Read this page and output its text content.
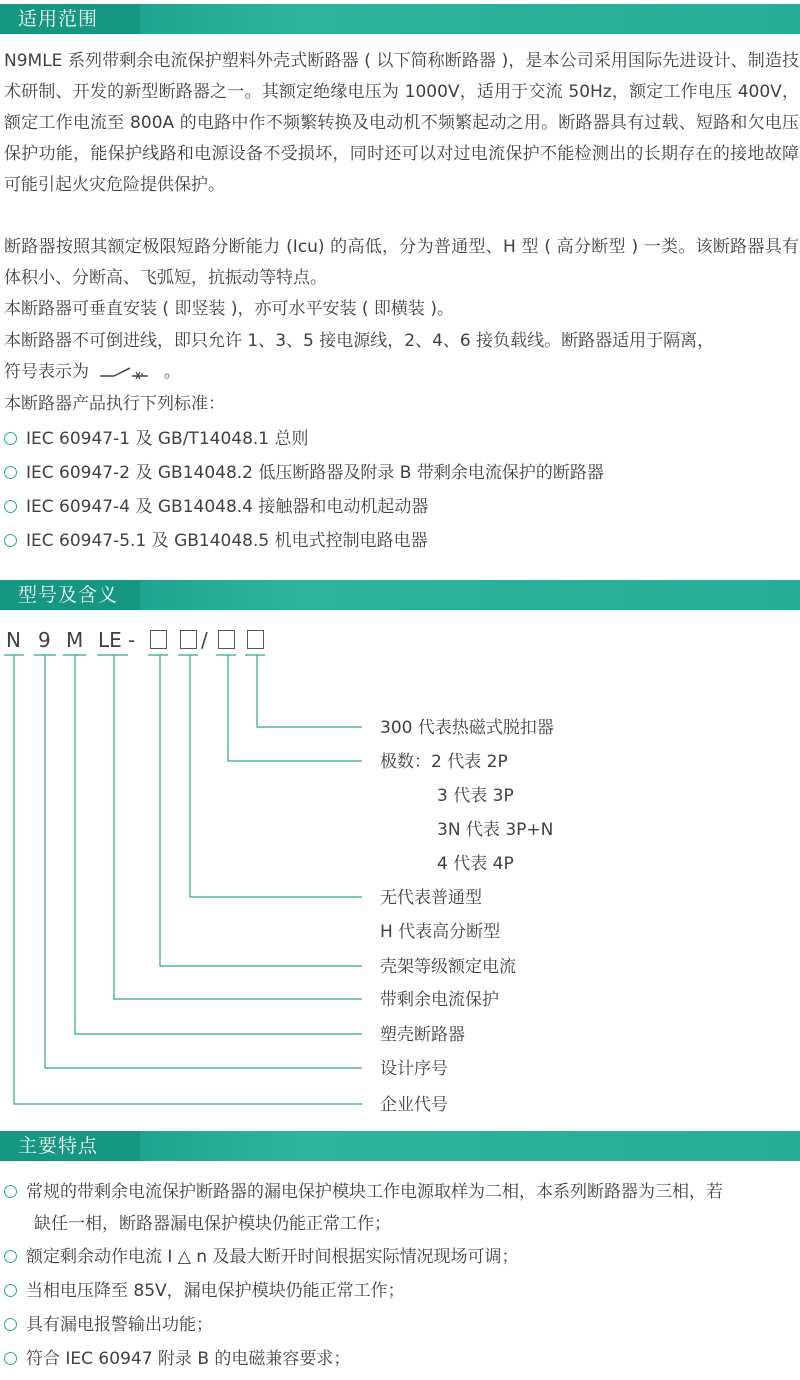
适用范围
N9MLE 系列带剩余电流保护塑料外壳式断路器 ( 以下简称断路器 )，是本公司采用国际先进设计、制造技术研制、开发的新型断路器之一。其额定绝缘电压为 1000V，适用于交流 50Hz，额定工作电压 400V，额定工作电流至 800A 的电路中作不频繁转换及电动机不频繁起动之用。断路器具有过载、短路和欠电压保护功能，能保护线路和电源设备不受损坏，同时还可以对过电流保护不能检测出的长期存在的接地故障可能引起火灾危险提供保护。
断路器按照其额定极限短路分断能力 (Icu) 的高低，分为普通型、H 型 ( 高分断型 ) 一类。该断路器具有体积小、分断高、飞弧短，抗振动等特点。
本断路器可垂直安装 ( 即竖装 )，亦可水平安装 ( 即横装 )。
本断路器不可倒进线，即只允许 1、3、5 接电源线，2、4、6 接负载线。断路器适用于隔离，
符号表示为	。
本断路器产品执行下列标准：
IEC 60947-1 及 GB/T14048.1 总则
IEC 60947-2 及 GB14048.2 低压断路器及附录 B 带剩余电流保护的断路器
IEC 60947-4 及 GB14048.4 接触器和电动机起动器
IEC 60947-5.1 及 GB14048.5 机电式控制电路电器
型号及含义
N 9 M LE -	/
300 代表热磁式脱扣器
极数：2 代表 2P
3 代表 3P
3N 代表 3P+N
4 代表 4P
无代表普通型
H 代表高分断型
壳架等级额定电流
带剩余电流保护
塑壳断路器
设计序号
企业代号
主要特点
常规的带剩余电流保护断路器的漏电保护模块工作电源取样为二相，本系列断路器为三相，若
缺任一相，断路器漏电保护模块仍能正常工作；
额定剩余动作电流 I △ n 及最大断开时间根据实际情况现场可调；
当相电压降至 85V，漏电保护模块仍能正常工作；
具有漏电报警输出功能；
符合 IEC 60947 附录 B 的电磁兼容要求；
